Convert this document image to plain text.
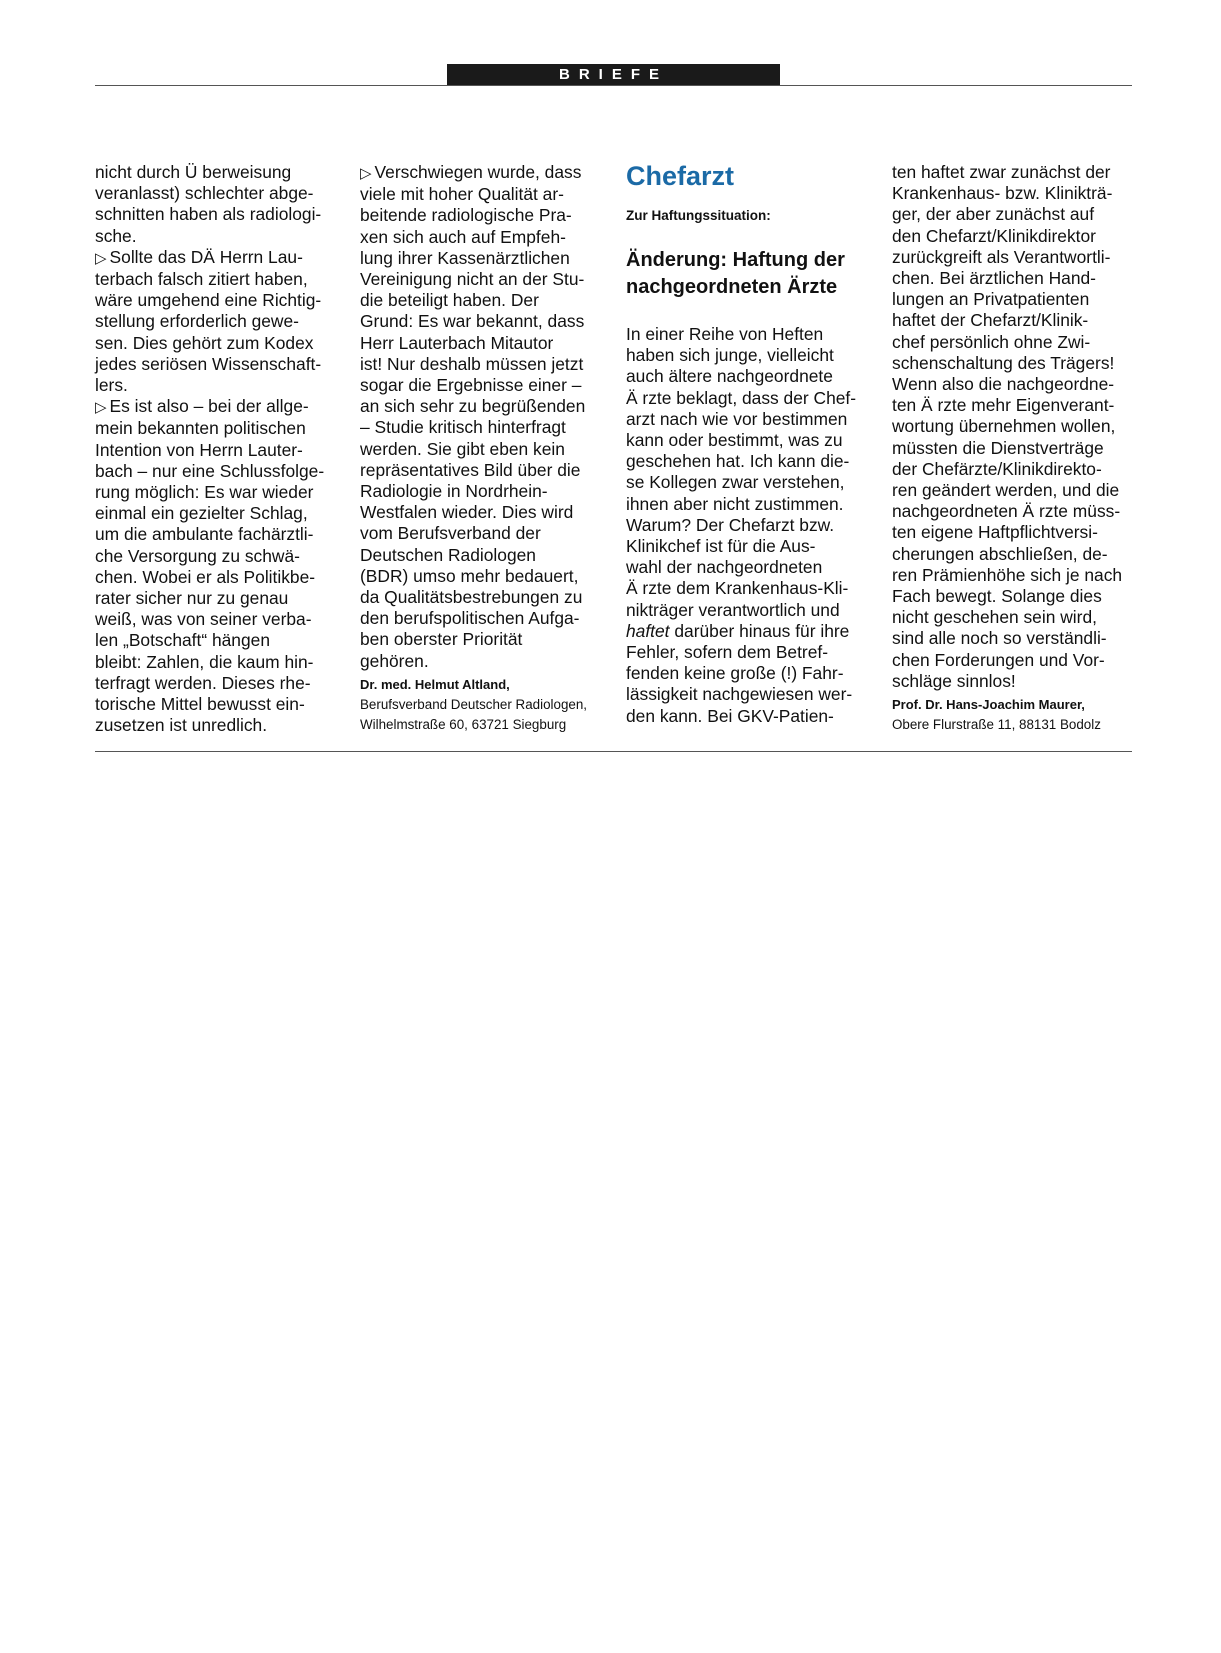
BRIEFE
nicht durch Ü berweisung
veranlasst) schlechter abge-
schnitten haben als radiologi-
sche.
▷ Sollte das DÄ Herrn Lau-
terbach falsch zitiert haben,
wäre umgehend eine Richtig-
stellung erforderlich gewe-
sen. Dies gehört zum Kodex
jedes seriösen Wissenschaft-
lers.
▷ Es ist also – bei der allge-
mein bekannten politischen
Intention von Herrn Lauter-
bach – nur eine Schlussfolge-
rung möglich: Es war wieder
einmal ein gezielter Schlag,
um die ambulante fachärztli-
che Versorgung zu schwä-
chen. Wobei er als Politikbe-
rater sicher nur zu genau
weiß, was von seiner verba-
len „Botschaft“ hängen
bleibt: Zahlen, die kaum hin-
terfragt werden. Dieses rhe-
torische Mittel bewusst ein-
zusetzen ist unredlich.
▷ Verschwiegen wurde, dass
viele mit hoher Qualität ar-
beitende radiologische Pra-
xen sich auch auf Empfeh-
lung ihrer Kassenärztlichen
Vereinigung nicht an der Stu-
die beteiligt haben. Der
Grund: Es war bekannt, dass
Herr Lauterbach Mitautor
ist! Nur deshalb müssen jetzt
sogar die Ergebnisse einer –
an sich sehr zu begrüßenden
– Studie kritisch hinterfragt
werden. Sie gibt eben kein
repräsentatives Bild über die
Radiologie in Nordrhein-
Westfalen wieder. Dies wird
vom Berufsverband der
Deutschen Radiologen
(BDR) umso mehr bedauert,
da Qualitätsbestrebungen zu
den berufspolitischen Aufga-
ben oberster Priorität
gehören.
Dr. med. Helmut Altland,
Berufsverband Deutscher Radiologen,
Wilhelmstraße 60, 63721 Siegburg
Chefarzt
Zur Haftungssituation:
Änderung: Haftung der
nachgeordneten Ärzte
In einer Reihe von Heften
haben sich junge, vielleicht
auch ältere nachgeordnete
Ä rzte beklagt, dass der Chef-
arzt nach wie vor bestimmen
kann oder bestimmt, was zu
geschehen hat. Ich kann die-
se Kollegen zwar verstehen,
ihnen aber nicht zustimmen.
Warum? Der Chefarzt bzw.
Klinikchef ist für die Aus-
wahl der nachgeordneten
Ä rzte dem Krankenhaus-Kli-
nikträger verantwortlich und
haftet darüber hinaus für ihre
Fehler, sofern dem Betref-
fenden keine große (!) Fahr-
lässigkeit nachgewiesen wer-
den kann. Bei GKV-Patien-
ten haftet zwar zunächst der
Krankenhaus- bzw. Klinikträ-
ger, der aber zunächst auf
den Chefarzt/Klinikdirektor
zurückgreift als Verantwortli-
chen. Bei ärztlichen Hand-
lungen an Privatpatienten
haftet der Chefarzt/Klinik-
chef persönlich ohne Zwi-
schenschaltung des Trägers!
Wenn also die nachgeordne-
ten Ä rzte mehr Eigenverant-
wortung übernehmen wollen,
müssten die Dienstverträge
der Chefärzte/Klinikdirekto-
ren geändert werden, und die
nachgeordneten Ä rzte müss-
ten eigene Haftpflichtversi-
cherungen abschließen, de-
ren Prämienhöhe sich je nach
Fach bewegt. Solange dies
nicht geschehen sein wird,
sind alle noch so verständli-
chen Forderungen und Vor-
schläge sinnlos!
Prof. Dr. Hans-Joachim Maurer,
Obere Flurstraße 11, 88131 Bodolz
